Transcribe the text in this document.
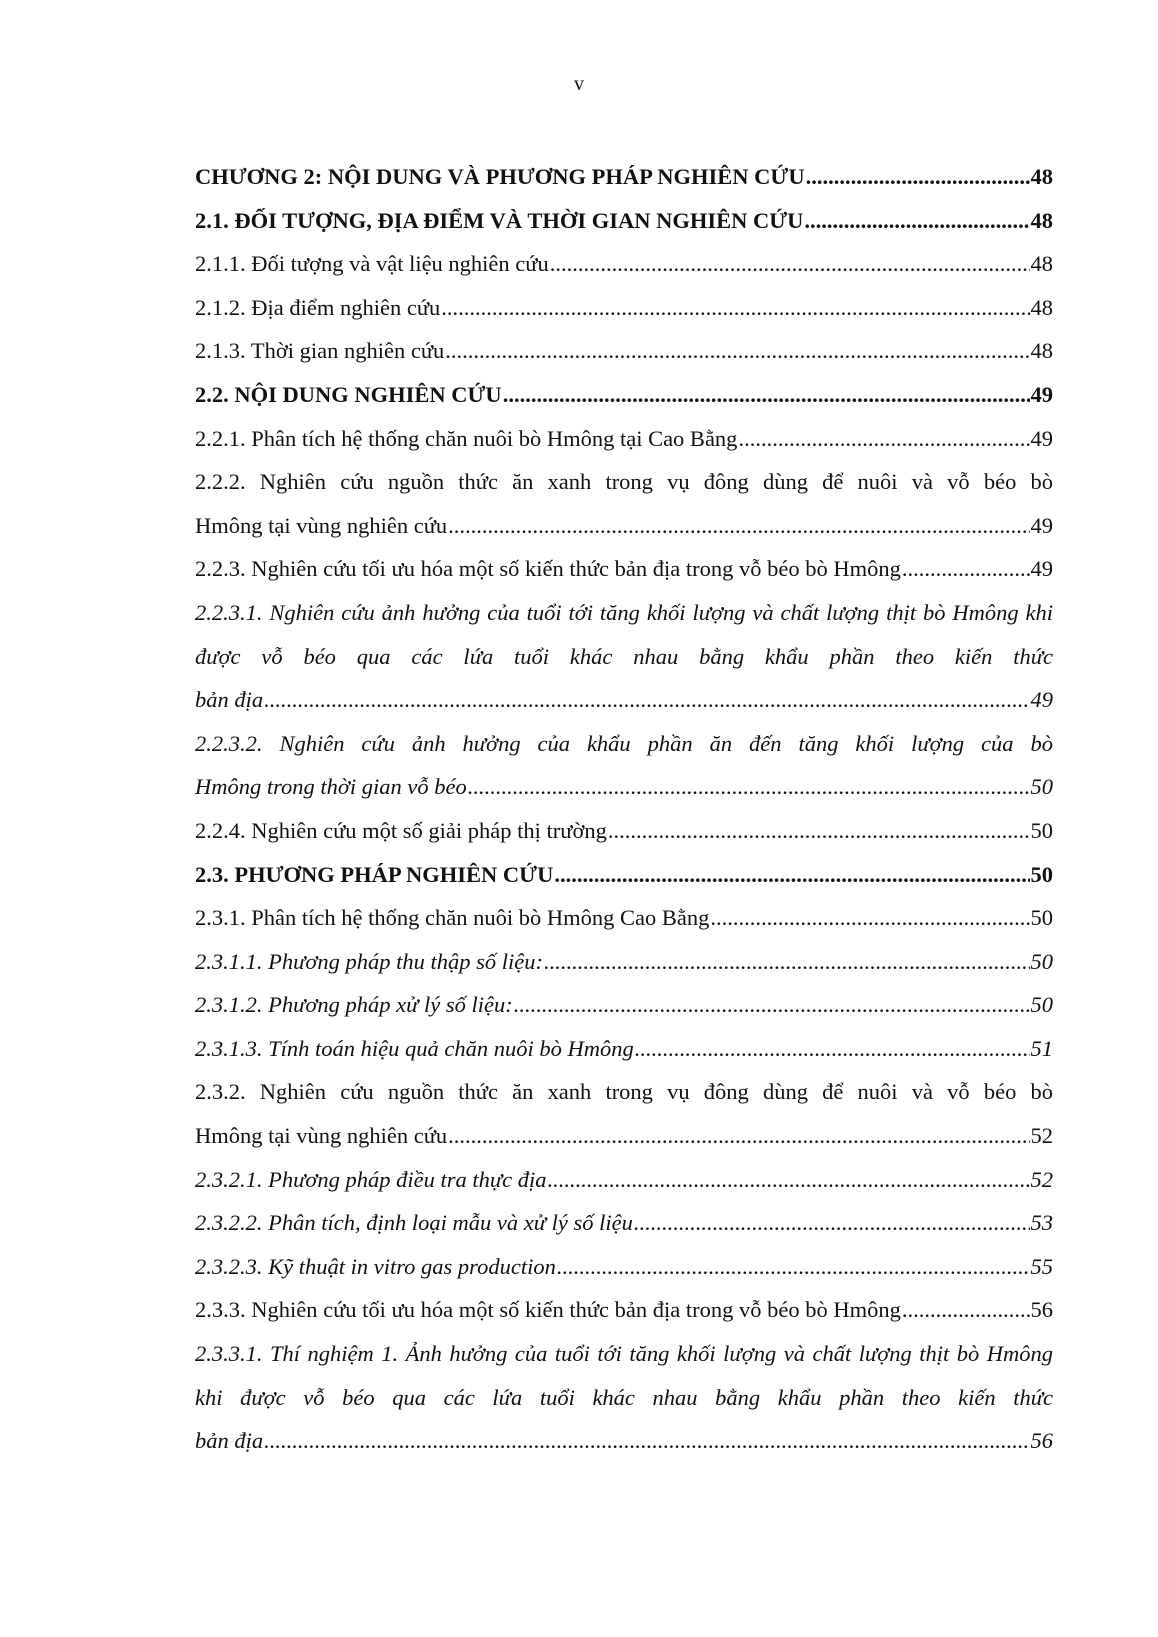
v
CHƯƠNG 2: NỘI DUNG VÀ PHƯƠNG PHÁP NGHIÊN CỨU .....	48
2.1. ĐỐI TƯỢNG, ĐỊA ĐIỂM VÀ THỜI GIAN NGHIÊN CỨU .....	48
2.1.1. Đối tượng và vật liệu nghiên cứu .....	48
2.1.2. Địa điểm nghiên cứu .....	48
2.1.3. Thời gian nghiên cứu .....	48
2.2. NỘI DUNG NGHIÊN CỨU .....	49
2.2.1. Phân tích hệ thống chăn nuôi bò Hmông tại Cao Bằng .....	49
2.2.2. Nghiên cứu nguồn thức ăn xanh trong vụ đông dùng để nuôi và vỗ béo bò
Hmông tại vùng nghiên cứu .....	49
2.2.3. Nghiên cứu tối ưu hóa một số kiến thức bản địa trong vỗ béo bò Hmông .....	49
2.2.3.1. Nghiên cứu ảnh hưởng của tuổi tới tăng khối lượng và chất lượng thịt bò Hmông khi được vỗ béo qua các lứa tuổi khác nhau bằng khẩu phần theo kiến thức
bản địa .....	49
2.2.3.2. Nghiên cứu ảnh hưởng của khẩu phần ăn đến tăng khối lượng của bò
Hmông trong thời gian vỗ béo .....	50
2.2.4. Nghiên cứu một số giải pháp thị trường .....	50
2.3. PHƯƠNG PHÁP NGHIÊN CỨU .....	50
2.3.1. Phân tích hệ thống chăn nuôi bò Hmông Cao Bằng .....	50
2.3.1.1. Phương pháp thu thập số liệu: .....	50
2.3.1.2. Phương pháp xử lý số liệu: .....	50
2.3.1.3. Tính toán hiệu quả chăn nuôi bò Hmông .....	51
2.3.2. Nghiên cứu nguồn thức ăn xanh trong vụ đông dùng để nuôi và vỗ béo bò
Hmông tại vùng nghiên cứu .....	52
2.3.2.1. Phương pháp điều tra thực địa .....	52
2.3.2.2. Phân tích, định loại mẫu và xử lý số liệu .....	53
2.3.2.3. Kỹ thuật in vitro gas production .....	55
2.3.3. Nghiên cứu tối ưu hóa một số kiến thức bản địa trong vỗ béo bò Hmông .....	56
2.3.3.1. Thí nghiệm 1. Ảnh hưởng của tuổi tới tăng khối lượng và chất lượng thịt bò Hmông khi được vỗ béo qua các lứa tuổi khác nhau bằng khẩu phần theo kiến thức
bản địa .....	56
